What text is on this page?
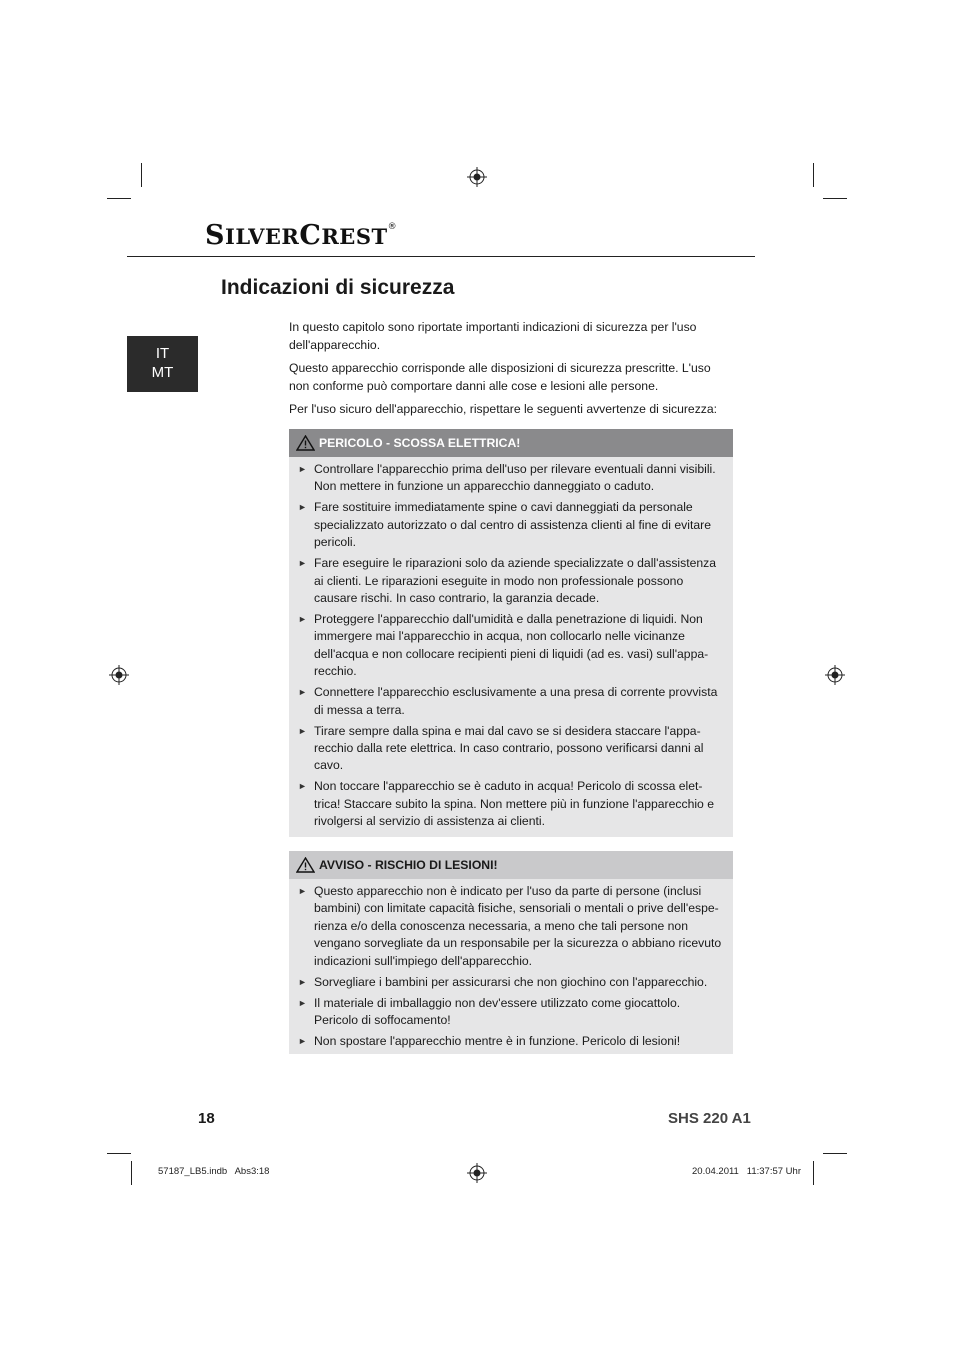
SILVERCREST®
Indicazioni di sicurezza
IT
MT

In questo capitolo sono riportate importanti indicazioni di sicurezza per l'uso dell'apparecchio.

Questo apparecchio corrisponde alle disposizioni di sicurezza prescritte. L'uso non conforme può comportare danni alle cose e lesioni alle persone.

Per l'uso sicuro dell'apparecchio, rispettare le seguenti avvertenze di sicurezza:

PERICOLO - SCOSSA ELETTRICA!
► Controllare l'apparecchio prima dell'uso per rilevare eventuali danni visibili. Non mettere in funzione un apparecchio danneggiato o caduto.
► Fare sostituire immediatamente spine o cavi danneggiati da personale specializzato autorizzato o dal centro di assistenza clienti al fine di evitare pericoli.
► Fare eseguire le riparazioni solo da aziende specializzate o dall'assistenza ai clienti. Le riparazioni eseguite in modo non professionale possono causare rischi. In caso contrario, la garanzia decade.
► Proteggere l'apparecchio dall'umidità e dalla penetrazione di liquidi. Non immergere mai l'apparecchio in acqua, non collocarlo nelle vicinanze dell'acqua e non collocare recipienti pieni di liquidi (ad es. vasi) sull'appa-recchio.
► Connettere l'apparecchio esclusivamente a una presa di corrente provvista di messa a terra.
► Tirare sempre dalla spina e mai dal cavo se si desidera staccare l'appa-recchio dalla rete elettrica. In caso contrario, possono verificarsi danni al cavo.
► Non toccare l'apparecchio se è caduto in acqua! Pericolo di scossa elet-trica! Staccare subito la spina. Non mettere più in funzione l'apparecchio e rivolgersi al servizio di assistenza ai clienti.
AVVISO - RISCHIO DI LESIONI!
► Questo apparecchio non è indicato per l'uso da parte di persone (inclusi bambini) con limitate capacità fisiche, sensoriali o mentali o prive dell'espe-rienza e/o della conoscenza necessaria, a meno che tali persone non vengano sorvegliate da un responsabile per la sicurezza o abbiano ricevuto indicazioni sull'impiego dell'apparecchio.
► Sorvegliare i bambini per assicurarsi che non giochino con l'apparecchio.
► Il materiale di imballaggio non dev'essere utilizzato come giocattolo. Pericolo di soffocamento!
► Non spostare l'apparecchio mentre è in funzione. Pericolo di lesioni!
18	SHS 220 A1
57187_LB5.indb   Abs3:18	20.04.2011   11:37:57 Uhr
